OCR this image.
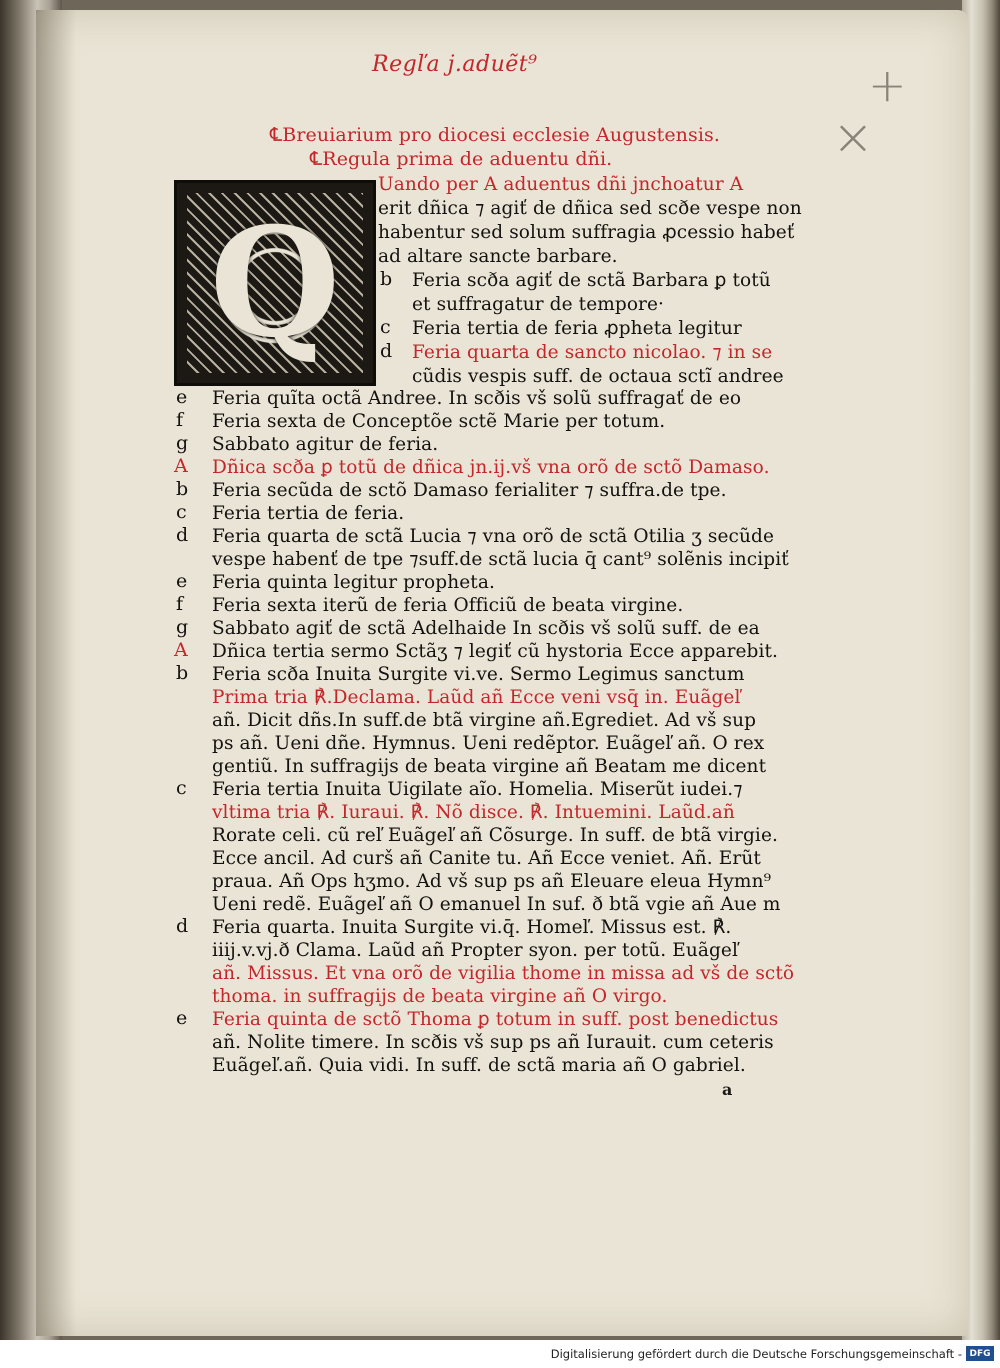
Regľa j.aduẽt⁹	+
×
℄Breuiarium pro diocesi ecclesie Augustensis.
℄Regula prima de aduentu dñi.
Q
Uando per A aduentus dñi jnchoatur A
erit dñica ⁊ agiť de dñica sed scðe vespe non
habentur sed solum suffragia ꝓcessio habeť
ad altare sancte barbare.
b Feria scða agiť de sctã Barbara ꝑ totũ
et suffragatur de tempore·
c Feria tertia de feria ꝓpheta legitur
d Feria quarta de sancto nicolao. ⁊ in se
cũdis vespis suff. de octaua sctĩ andree
e Feria quĩta octã Andree. In scðis vš solũ suffragať de eo
f Feria sexta de Conceptõe sctẽ Marie per totum.
g Sabbato agitur de feria.
A Dñica scða ꝑ totũ de dñica jn.ij.vš vna orõ de sctõ Damaso.
b Feria secũda de sctõ Damaso ferialiter ⁊ suffra.de tpe.
c Feria tertia de feria.
d Feria quarta de sctã Lucia ⁊ vna orõ de sctã Otilia ʒ secũde
vespe habenť de tpe ⁊suff.de sctã lucia q̄ cant⁹ solẽnis incipiť
e Feria quinta legitur propheta.
f Feria sexta iterũ de feria Officiũ de beata virgine.
g Sabbato agiť de sctã Adelhaide In scðis vš solũ suff. de ea
A Dñica tertia sermo Sctãʒ ⁊ legiť cũ hystoria Ecce apparebit.
b Feria scða Inuita Surgite vi.ve. Sermo Legimus sanctum
Prima tria ℟.Declama. Laũd añ Ecce veni vsq̄ in. Euãgeľ
añ. Dicit dñs.In suff.de btã virgine añ.Egrediet. Ad vš sup
ps añ. Ueni dñe. Hymnus. Ueni redẽptor. Euãgeľ añ. O rex
gentiũ. In suffragijs de beata virgine añ Beatam me dicent
c Feria tertia Inuita Uigilate aĩo. Homelia. Miserũt iudei.⁊
vltima tria ℟. Iuraui. ℟. Nõ disce. ℟. Intuemini. Laũd.añ
Rorate celi. cũ reľ Euãgeľ añ Cõsurge. In suff. de btã virgie.
Ecce ancil. Ad curš añ Canite tu. Añ Ecce veniet. Añ. Erũt
praua. Añ Ops hʒmo. Ad vš sup ps añ Eleuare eleua Hymn⁹
Ueni redẽ. Euãgeľ añ O emanuel In suf. ð btã vgie añ Aue m
d Feria quarta. Inuita Surgite vi.q̄. Homeľ. Missus est. ℟.
iiij.v.vj.ð Clama. Laũd añ Propter syon. per totũ. Euãgeľ
añ. Missus. Et vna orõ de vigilia thome in missa ad vš de sctõ
thoma. in suffragijs de beata virgine añ O virgo.
e Feria quinta de sctõ Thoma ꝑ totum in suff. post benedictus
añ. Nolite timere. In scðis vš sup ps añ Iurauit. cum ceteris
Euãgeľ.añ. Quia vidi. In suff. de sctã maria añ O gabriel.
a
Digitalisierung gefördert durch die Deutsche Forschungsgemeinschaft - DFG
